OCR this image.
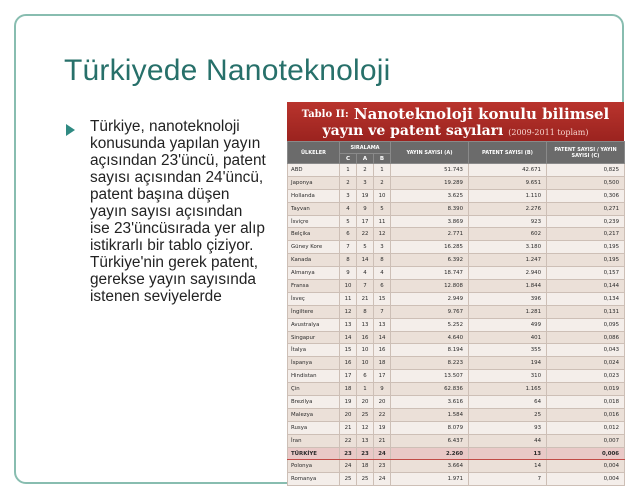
Türkiyede Nanoteknoloji

Türkiye, nanoteknoloji konusunda yapılan yayın açısından 23'üncü, patent sayısı açısından 24'üncü, patent başına düşen yayın sayısı açısından ise 23'üncüsırada yer alıp istikrarlı bir tablo çiziyor. Türkiye'nin gerek patent, gerekse yayın sayısında istenen seviyelerde

Tablo II: Nanoteknoloji konulu bilimsel
yayın ve patent sayıları (2009-2011 toplam)
ÜLKELER	SIRALAMA			YAYIN SAYISI (A)	PATENT SAYISI (B)	PATENT SAYISI / YAYIN SAYISI (C)
	C	A	B			
ABD	1	2	1	51.743	42.671	0,825
Japonya	2	3	2	19.289	9.651	0,500
Hollanda	3	19	10	3.625	1.110	0,306
Tayvan	4	9	5	8.390	2.276	0,271
İsviçre	5	17	11	3.869	923	0,239
Belçika	6	22	12	2.771	602	0,217
Güney Kore	7	5	3	16.285	3.180	0,195
Kanada	8	14	8	6.392	1.247	0,195
Almanya	9	4	4	18.747	2.940	0,157
Fransa	10	7	6	12.808	1.844	0,144
İsveç	11	21	15	2.949	396	0,134
İngiltere	12	8	7	9.767	1.281	0,131
Avustralya	13	13	13	5.252	499	0,095
Singapur	14	16	14	4.640	401	0,086
İtalya	15	10	16	8.194	355	0,043
İspanya	16	10	18	8.223	194	0,024
Hindistan	17	6	17	13.507	310	0,023
Çin	18	1	9	62.836	1.165	0,019
Brezilya	19	20	20	3.616	64	0,018
Malezya	20	25	22	1.584	25	0,016
Rusya	21	12	19	8.079	93	0,012
İran	22	13	21	6.437	44	0,007
TÜRKİYE	23	23	24	2.260	13	0,006
Polonya	24	18	23	3.664	14	0,004
Romanya	25	25	24	1.971	7	0,004
